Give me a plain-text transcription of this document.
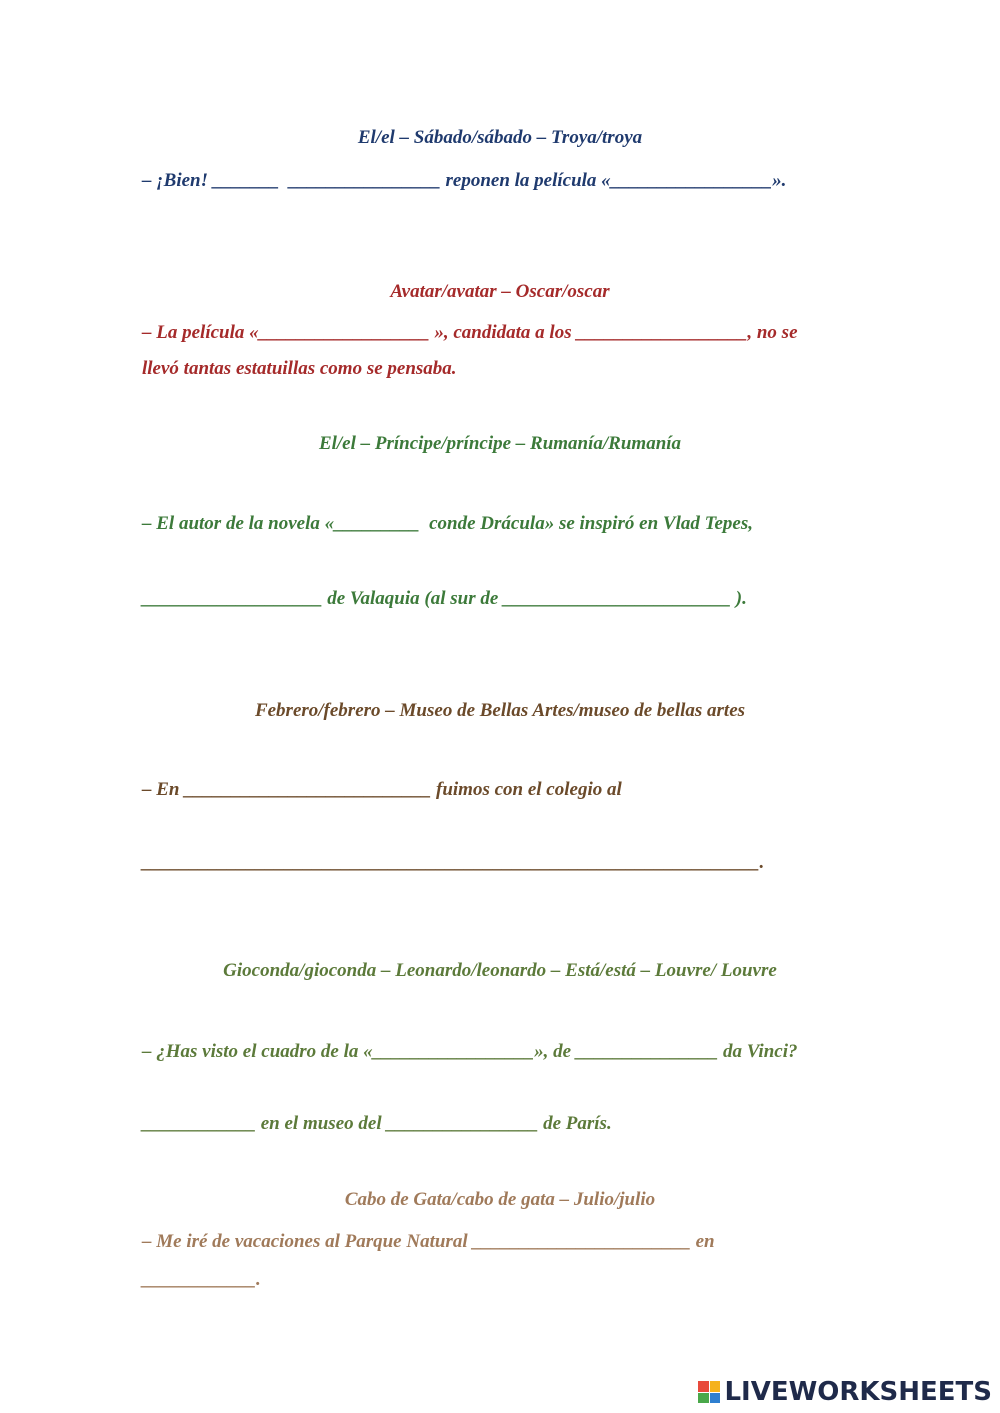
El/el – Sábado/sábado – Troya/troya
– ¡Bien! _______  ________________ reponen la película «_________________».
Avatar/avatar – Oscar/oscar
– La película «__________________ », candidata a los __________________, no se
llevó tantas estatuillas como se pensaba.
El/el – Príncipe/príncipe – Rumanía/Rumanía
– El autor de la novela «_________  conde Drácula» se inspiró en Vlad Tepes,
___________________ de Valaquia (al sur de ________________________ ).
Febrero/febrero – Museo de Bellas Artes/museo de bellas artes
– En __________________________ fuimos con el colegio al
_________________________________________________________________.
Gioconda/gioconda – Leonardo/leonardo – Está/está – Louvre/ Louvre
– ¿Has visto el cuadro de la «_________________», de _______________ da Vinci?
____________ en el museo del ________________ de París.
Cabo de Gata/cabo de gata – Julio/julio
– Me iré de vacaciones al Parque Natural _______________________ en
____________.
LIVEWORKSHEETS
